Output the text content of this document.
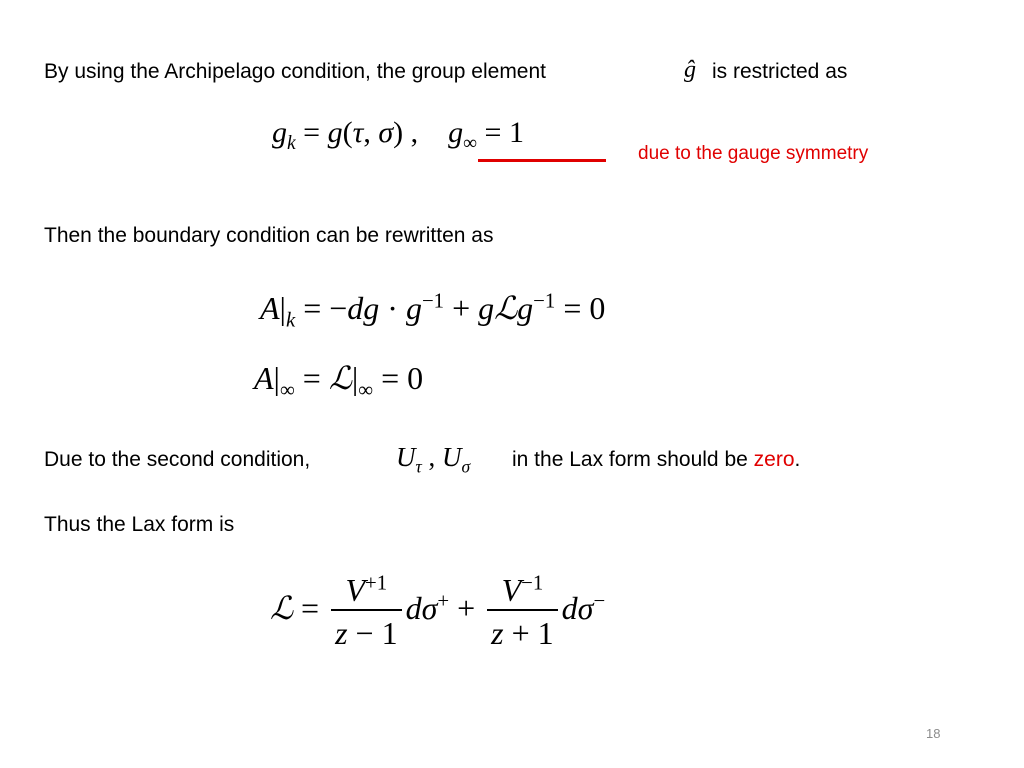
By using the Archipelago condition, the group element	ĝ is restricted as
$g_k = g(\tau$, σ) ,    $g_\infty = 1$
due to the gauge symmetry
Then the boundary condition can be rewritten as
$A|_k = -dg \cdot g^{-1}$ + gℒg$^{-1}$ = 0
$A|_\infty$ = $ℒ|_\infty = 0$
Due to the second condition,	$U_\tau$ , $U_\sigma$ in the Lax form should be zero.
Thus the Lax form is
ℒ = $\frac{V^{+1}}{z - 1} d\sigma^+ + \frac{V^{-1}}{z + 1} d\sigma^-$
18
